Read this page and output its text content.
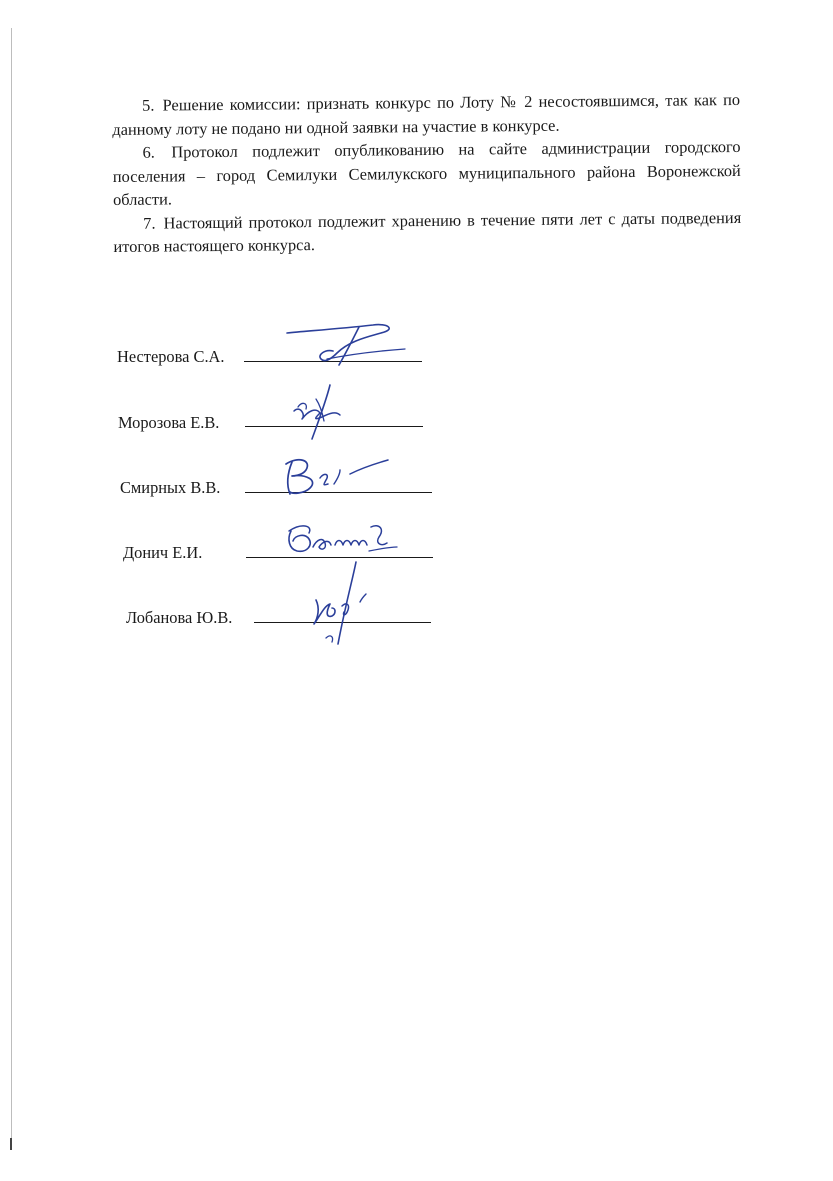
5. Решение комиссии: признать конкурс по Лоту № 2 несостоявшимся, так как по данному лоту не подано ни одной заявки на участие в конкурсе.

6. Протокол подлежит опубликованию на сайте администрации городского поселения – город Семилуки Семилукского муниципального района Воронежской области.

7. Настоящий протокол подлежит хранению в течение пяти лет с даты подведения итогов настоящего конкурса.

Нестерова С.А.
Морозова Е.В.
Смирных В.В.
Донич Е.И.
Лобанова Ю.В.
